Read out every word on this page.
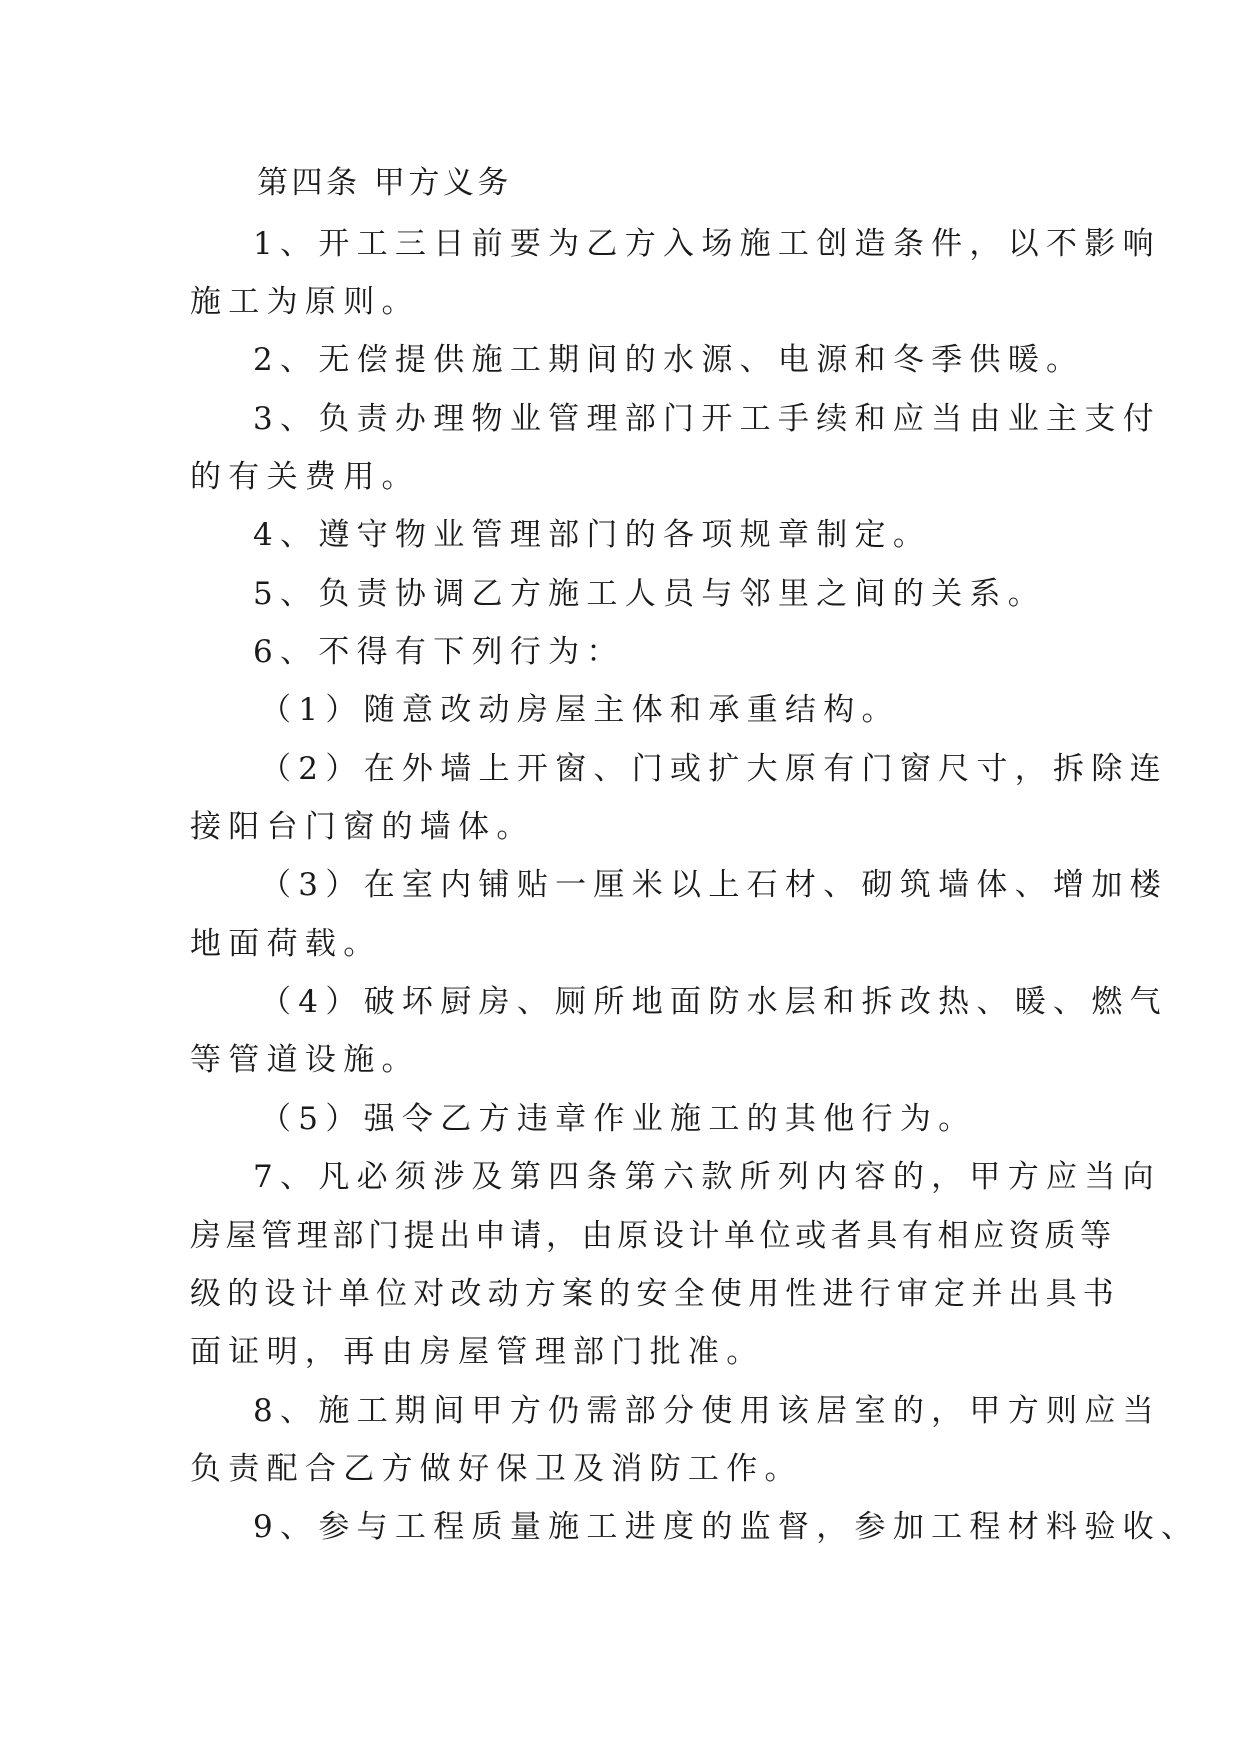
第四条 甲方义务
1、开工三日前要为乙方入场施工创造条件，以不影响
施工为原则。
2、无偿提供施工期间的水源、电源和冬季供暖。
3、负责办理物业管理部门开工手续和应当由业主支付
的有关费用。
4、遵守物业管理部门的各项规章制定。
5、负责协调乙方施工人员与邻里之间的关系。
6、不得有下列行为：
（1）随意改动房屋主体和承重结构。
（2）在外墙上开窗、门或扩大原有门窗尺寸，拆除连
接阳台门窗的墙体。
（3）在室内铺贴一厘米以上石材、砌筑墙体、增加楼
地面荷载。
（4）破坏厨房、厕所地面防水层和拆改热、暖、燃气
等管道设施。
（5）强令乙方违章作业施工的其他行为。
7、凡必须涉及第四条第六款所列内容的，甲方应当向
房屋管理部门提出申请，由原设计单位或者具有相应资质等
级的设计单位对改动方案的安全使用性进行审定并出具书
面证明，再由房屋管理部门批准。
8、施工期间甲方仍需部分使用该居室的，甲方则应当
负责配合乙方做好保卫及消防工作。
9、参与工程质量施工进度的监督，参加工程材料验收、
